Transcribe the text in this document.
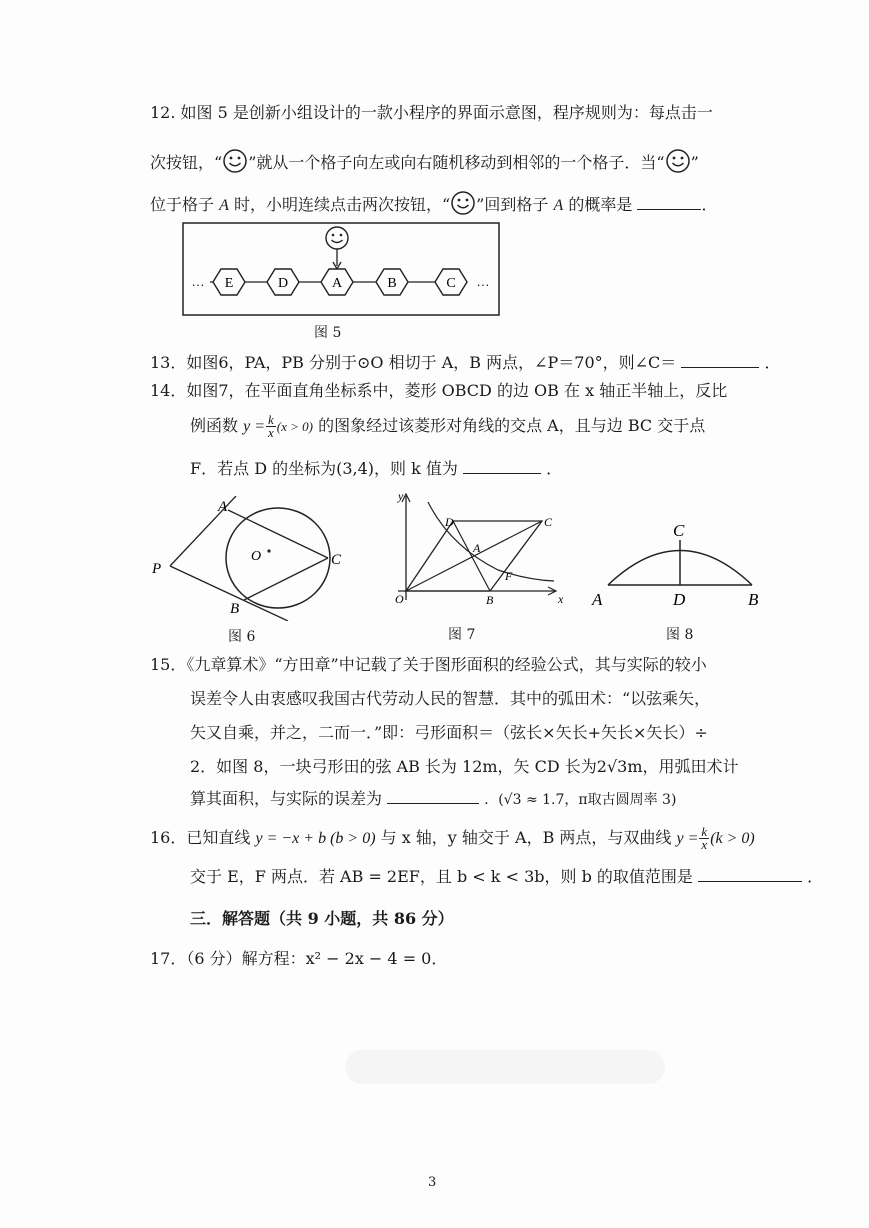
12. 如图 5 是创新小组设计的一款小程序的界面示意图，程序规则为：每点击一
次按钮，“ ”就从一个格子向左或向右随机移动到相邻的一个格子．当“ ”
位于格子 A 时，小明连续点击两次按钮，“ ”回到格子 A 的概率是	．
E	D	A	B	C
…	…
图 5
13．如图6，PA，PB 分别于⊙O 相切于 A，B 两点，∠P＝70°，则∠C＝	．
14．如图7，在平面直角坐标系中，菱形 OBCD 的边 OB 在 x 轴正半轴上，反比
例函数 $y = \frac{k}{x} (x > 0)$ 的图象经过该菱形对角线的交点 A，且与边 BC 交于点
F．若点 D 的坐标为(3,4)，则 k 值为	．
A
P
O	C
B
图 6
y
D	C
A
F
O	B	x
图 7
C
A	D	B
图 8
15．《九章算术》“方田章”中记载了关于图形面积的经验公式，其与实际的较小
误差令人由衷感叹我国古代劳动人民的智慧．其中的弧田术：“以弦乘矢，
矢又自乘，并之，二而一．”即：弓形面积＝（弦长×矢长+矢长×矢长）÷
2．如图 8，一块弓形田的弦 AB 长为 12m，矢 CD 长为2√3m，用弧田术计
算其面积，与实际的误差为	．(√3 ≈ 1.7，π取古圆周率 3)
16．已知直线 y = −x + b (b > 0) 与 x 轴，y 轴交于 A，B 两点，与双曲线 $y = \frac{k}{x} (k > 0)$
交于 E，F 两点．若 AB = 2EF，且 b < k < 3b，则 b 的取值范围是	．
三．解答题（共 9 小题，共 86 分）
17．（6 分）解方程：x² − 2x − 4 = 0．
3
